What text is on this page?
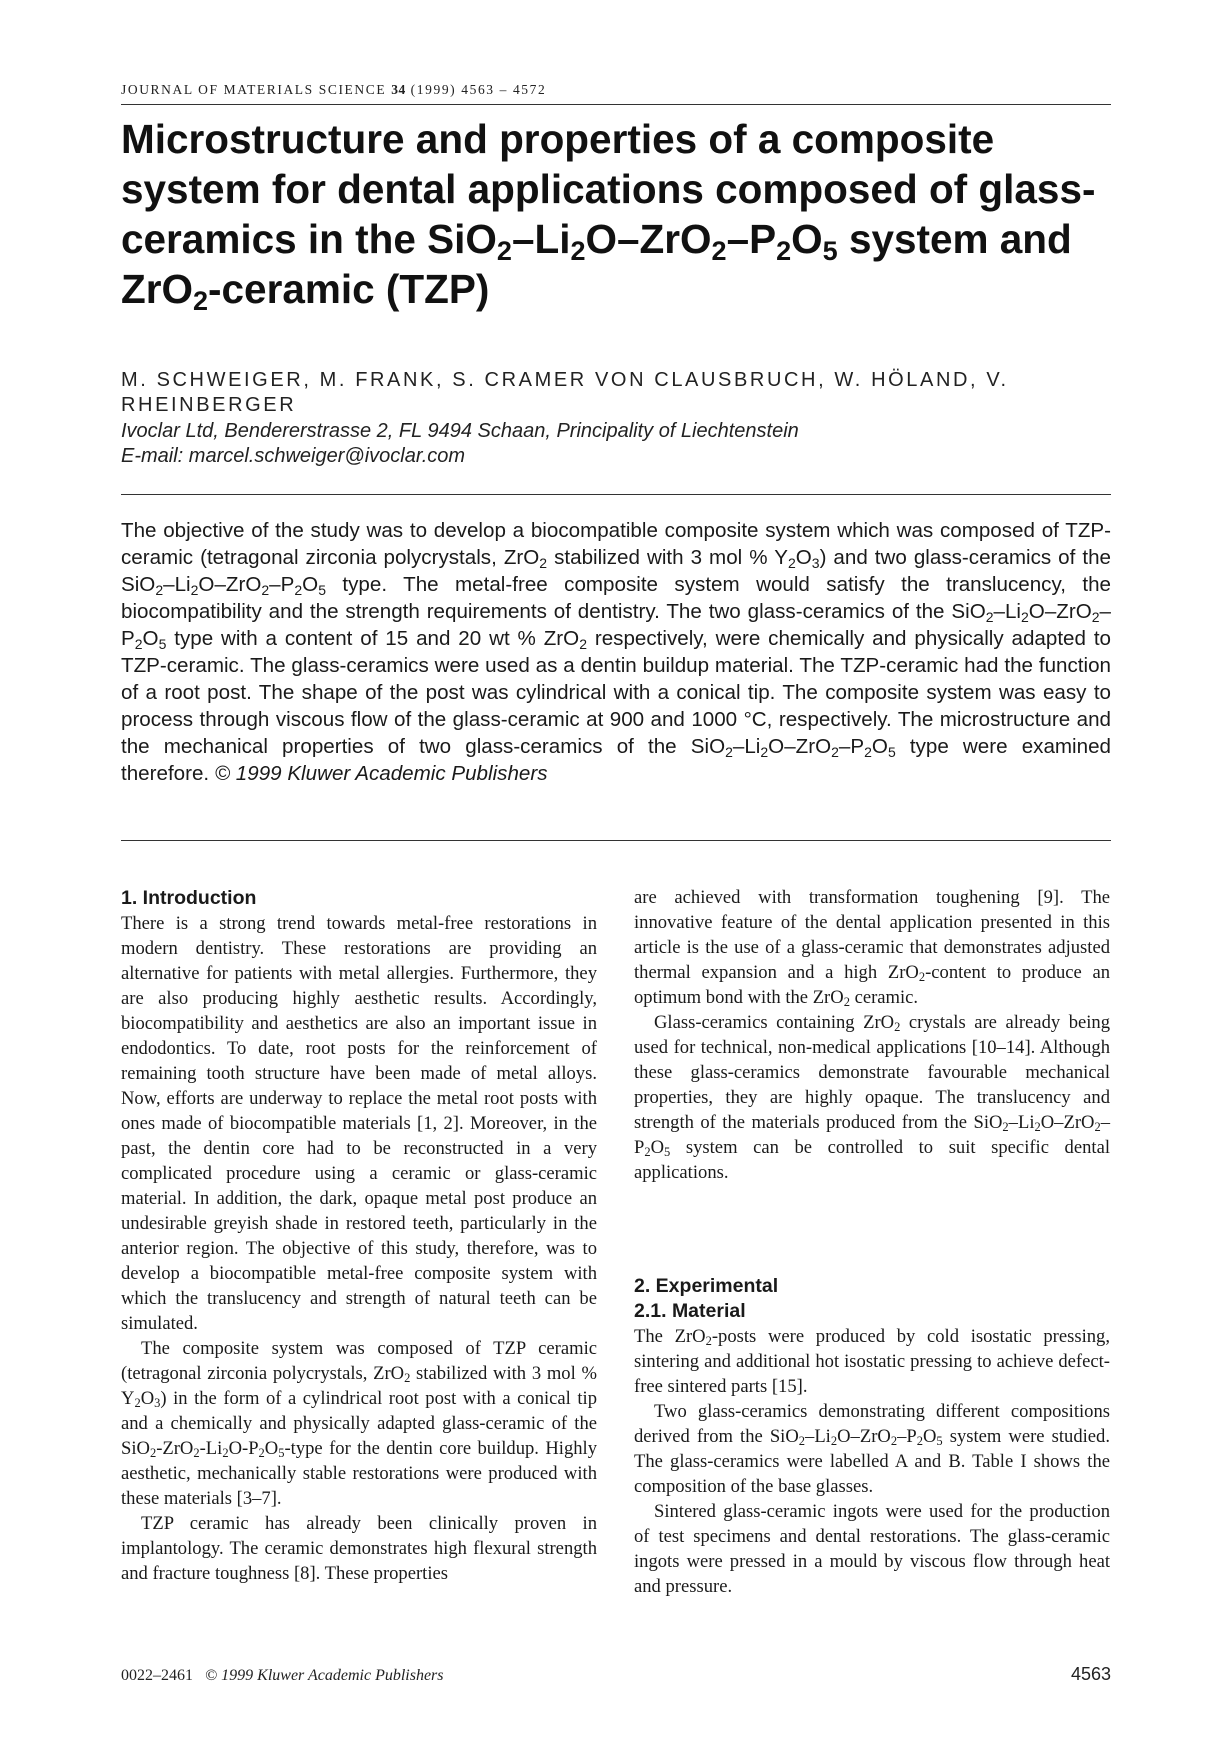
JOURNAL OF MATERIALS SCIENCE 34 (1999) 4563 – 4572
Microstructure and properties of a composite system for dental applications composed of glass-ceramics in the $SiO_2-Li_2O-ZrO_2-P_2O_5$ system and ZrO$_2$-ceramic (TZP)
M. SCHWEIGER, M. FRANK, S. CRAMER VON CLAUSBRUCH, W. HÖLAND, V. RHEINBERGER
Ivoclar Ltd, Bendererstrasse 2, FL 9494 Schaan, Principality of Liechtenstein
E-mail: marcel.schweiger@ivoclar.com

The objective of the study was to develop a biocompatible composite system which was composed of TZP-ceramic (tetragonal zirconia polycrystals, ZrO$_2$ stabilized with 3 mol % $Y_2O_3$) and two glass-ceramics of the $SiO_2-Li_2O-ZrO_2-P_2O_5$ type. The metal-free composite system would satisfy the translucency, the biocompatibility and the strength requirements of dentistry. The two glass-ceramics of the $SiO_2-Li_2O-ZrO_2-P_2O_5$ type with a content of 15 and 20 wt % ZrO$_2$ respectively, were chemically and physically adapted to TZP-ceramic. The glass-ceramics were used as a dentin buildup material. The TZP-ceramic had the function of a root post. The shape of the post was cylindrical with a conical tip. The composite system was easy to process through viscous flow of the glass-ceramic at 900 and 1000 °C, respectively. The microstructure and the mechanical properties of two glass-ceramics of the $SiO_2-Li_2O-ZrO_2-P_2O_5$ type were examined therefore. © 1999 Kluwer Academic Publishers

1. Introduction

There is a strong trend towards metal-free restorations in modern dentistry. These restorations are providing an alternative for patients with metal allergies. Furthermore, they are also producing highly aesthetic results. Accordingly, biocompatibility and aesthetics are also an important issue in endodontics. To date, root posts for the reinforcement of remaining tooth structure have been made of metal alloys. Now, efforts are underway to replace the metal root posts with ones made of biocompatible materials [1, 2]. Moreover, in the past, the dentin core had to be reconstructed in a very complicated procedure using a ceramic or glass-ceramic material. In addition, the dark, opaque metal post produce an undesirable greyish shade in restored teeth, particularly in the anterior region. The objective of this study, therefore, was to develop a biocompatible metal-free composite system with which the translucency and strength of natural teeth can be simulated.

The composite system was composed of TZP ceramic (tetragonal zirconia polycrystals, ZrO$_2$ stabilized with 3 mol % $Y_2O_3$) in the form of a cylindrical root post with a conical tip and a chemically and physically adapted glass-ceramic of the $SiO_2-ZrO_2-Li_2O-P_2O_5$-type for the dentin core buildup. Highly aesthetic, mechanically stable restorations were produced with these materials [3–7].

TZP ceramic has already been clinically proven in implantology. The ceramic demonstrates high flexural strength and fracture toughness [8]. These properties

are achieved with transformation toughening [9]. The innovative feature of the dental application presented in this article is the use of a glass-ceramic that demonstrates adjusted thermal expansion and a high ZrO$_2$-content to produce an optimum bond with the ZrO$_2$ ceramic.

Glass-ceramics containing ZrO$_2$ crystals are already being used for technical, non-medical applications [10–14]. Although these glass-ceramics demonstrate favourable mechanical properties, they are highly opaque. The translucency and strength of the materials produced from the $SiO_2-Li_2O-ZrO_2-P_2O_5$ system can be controlled to suit specific dental applications.

2. Experimental
2.1. Material

The ZrO$_2$-posts were produced by cold isostatic pressing, sintering and additional hot isostatic pressing to achieve defect-free sintered parts [15].

Two glass-ceramics demonstrating different compositions derived from the $SiO_2-Li_2O-ZrO_2-P_2O_5$ system were studied. The glass-ceramics were labelled A and B. Table I shows the composition of the base glasses.

Sintered glass-ceramic ingots were used for the production of test specimens and dental restorations. The glass-ceramic ingots were pressed in a mould by viscous flow through heat and pressure.

0022–2461 © 1999 Kluwer Academic Publishers	4563
